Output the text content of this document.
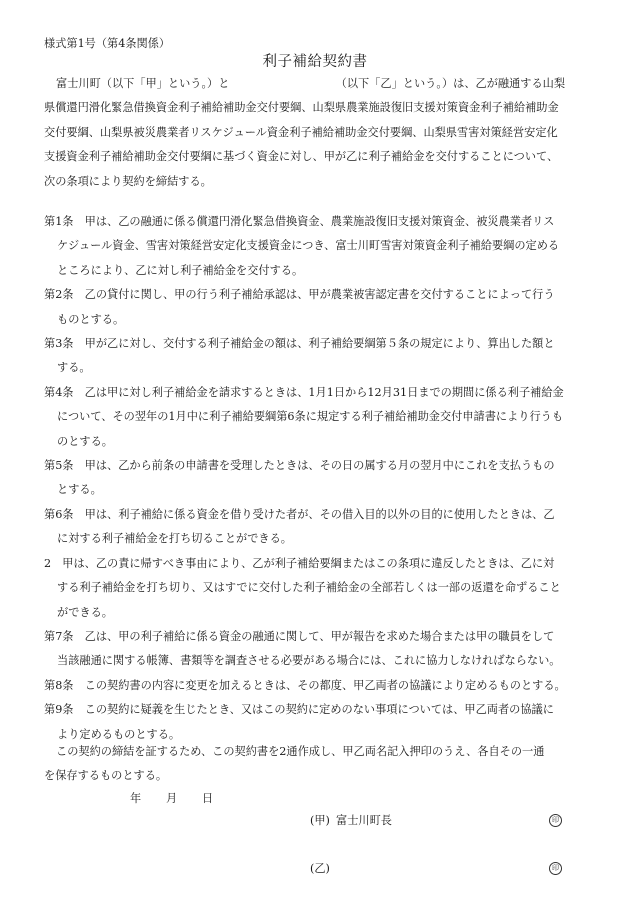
様式第1号（第4条関係）
利子補給契約書

富士川町（以下「甲」という。）と　　　　　　　　　　（以下「乙」という。）は、乙が融通する山梨

県償還円滑化緊急借換資金利子補給補助金交付要綱、山梨県農業施設復旧支援対策資金利子補給補助金

交付要綱、山梨県被災農業者リスケジュール資金利子補給補助金交付要綱、山梨県雪害対策経営安定化

支援資金利子補給補助金交付要綱に基づく資金に対し、甲が乙に利子補給金を交付することについて、

次の条項により契約を締結する。

第1条　甲は、乙の融通に係る償還円滑化緊急借換資金、農業施設復旧支援対策資金、被災農業者リス
ケジュール資金、雪害対策経営安定化支援資金につき、富士川町雪害対策資金利子補給要綱の定める
ところにより、乙に対し利子補給金を交付する。
第2条　乙の貸付に関し、甲の行う利子補給承認は、甲が農業被害認定書を交付することによって行う
ものとする。
第3条　甲が乙に対し、交付する利子補給金の額は、利子補給要綱第５条の規定により、算出した額と
する。
第4条　乙は甲に対し利子補給金を請求するときは、1月1日から12月31日までの期間に係る利子補給金
について、その翌年の1月中に利子補給要綱第6条に規定する利子補給補助金交付申請書により行うも
のとする。
第5条　甲は、乙から前条の申請書を受理したときは、その日の属する月の翌月中にこれを支払うもの
とする。
第6条　甲は、利子補給に係る資金を借り受けた者が、その借入目的以外の目的に使用したときは、乙
に対する利子補給金を打ち切ることができる。
2　甲は、乙の責に帰すべき事由により、乙が利子補給要綱またはこの条項に違反したときは、乙に対
する利子補給金を打ち切り、又はすでに交付した利子補給金の全部若しくは一部の返還を命ずること
ができる。
第7条　乙は、甲の利子補給に係る資金の融通に関して、甲が報告を求めた場合または甲の職員をして
当該融通に関する帳簿、書類等を調査させる必要がある場合には、これに協力しなければならない。
第8条　この契約書の内容に変更を加えるときは、その都度、甲乙両者の協議により定めるものとする。
第9条　この契約に疑義を生じたとき、又はこの契約に定めのない事項については、甲乙両者の協議に
より定めるものとする。

この契約の締結を証するため、この契約書を2通作成し、甲乙両名記入押印のうえ、各自その一通

を保存するものとする。

年 月 日
(甲) 富士川町長	印
(乙)	印
